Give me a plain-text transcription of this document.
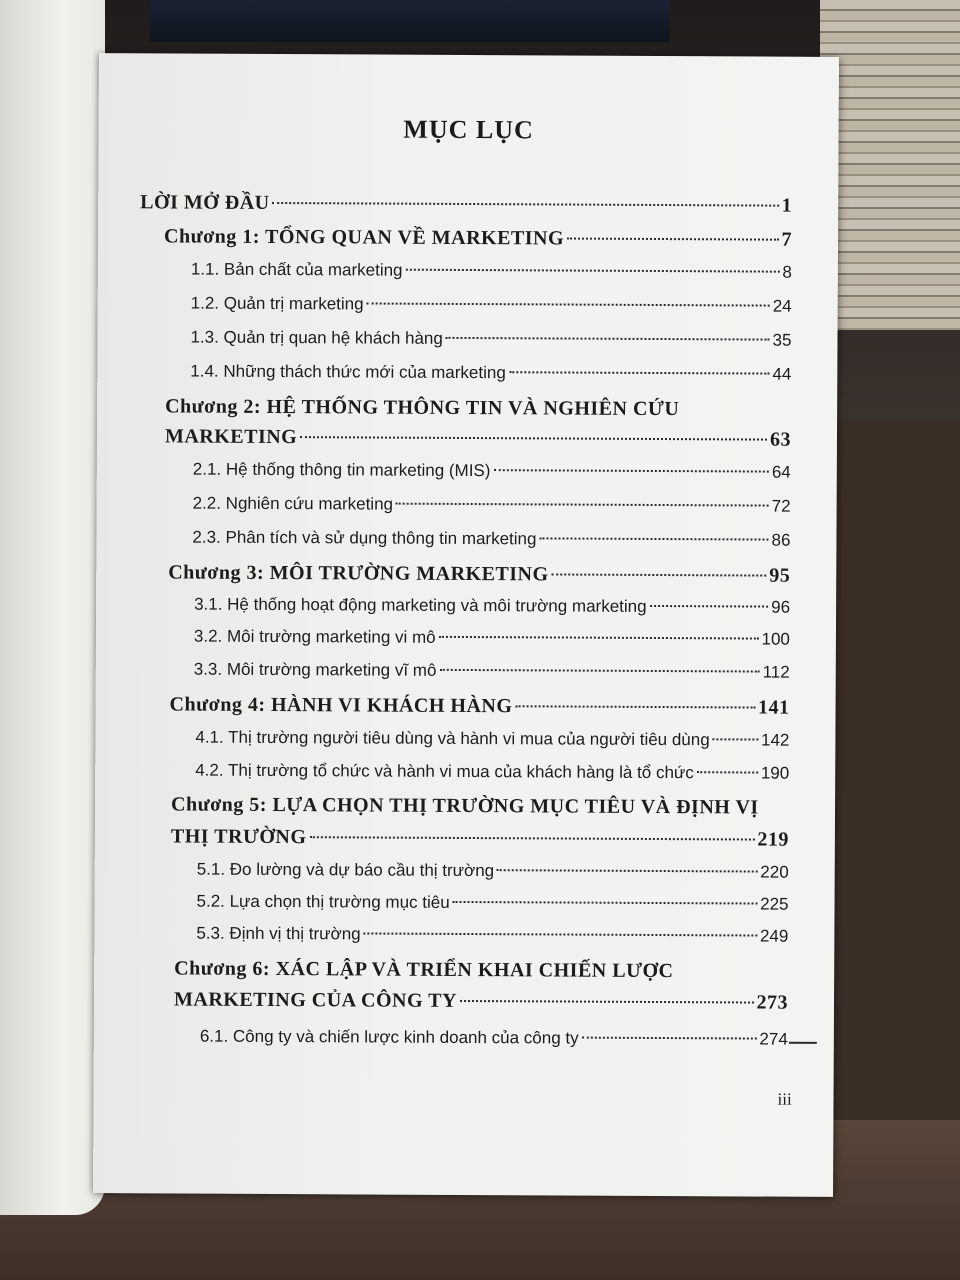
MỤC LỤC
LỜI MỞ ĐẦU	1
Chương 1: TỔNG QUAN VỀ MARKETING	7
1.1. Bản chất của marketing	8
1.2. Quản trị marketing	24
1.3. Quản trị quan hệ khách hàng	35
1.4. Những thách thức mới của marketing	44
Chương 2: HỆ THỐNG THÔNG TIN VÀ NGHIÊN CỨU
MARKETING	63
2.1. Hệ thống thông tin marketing (MIS)	64
2.2. Nghiên cứu marketing	72
2.3. Phân tích và sử dụng thông tin marketing	86
Chương 3: MÔI TRƯỜNG MARKETING	95
3.1. Hệ thống hoạt động marketing và môi trường marketing	96
3.2. Môi trường marketing vi mô	100
3.3. Môi trường marketing vĩ mô	112
Chương 4: HÀNH VI KHÁCH HÀNG	141
4.1. Thị trường người tiêu dùng và hành vi mua của người tiêu dùng	142
4.2. Thị trường tổ chức và hành vi mua của khách hàng là tổ chức	190
Chương 5: LỰA CHỌN THỊ TRƯỜNG MỤC TIÊU VÀ ĐỊNH VỊ
THỊ TRƯỜNG	219
5.1. Đo lường và dự báo cầu thị trường	220
5.2. Lựa chọn thị trường mục tiêu	225
5.3. Định vị thị trường	249
Chương 6: XÁC LẬP VÀ TRIỂN KHAI CHIẾN LƯỢC
MARKETING CỦA CÔNG TY	273
6.1. Công ty và chiến lược kinh doanh của công ty	274
iii
